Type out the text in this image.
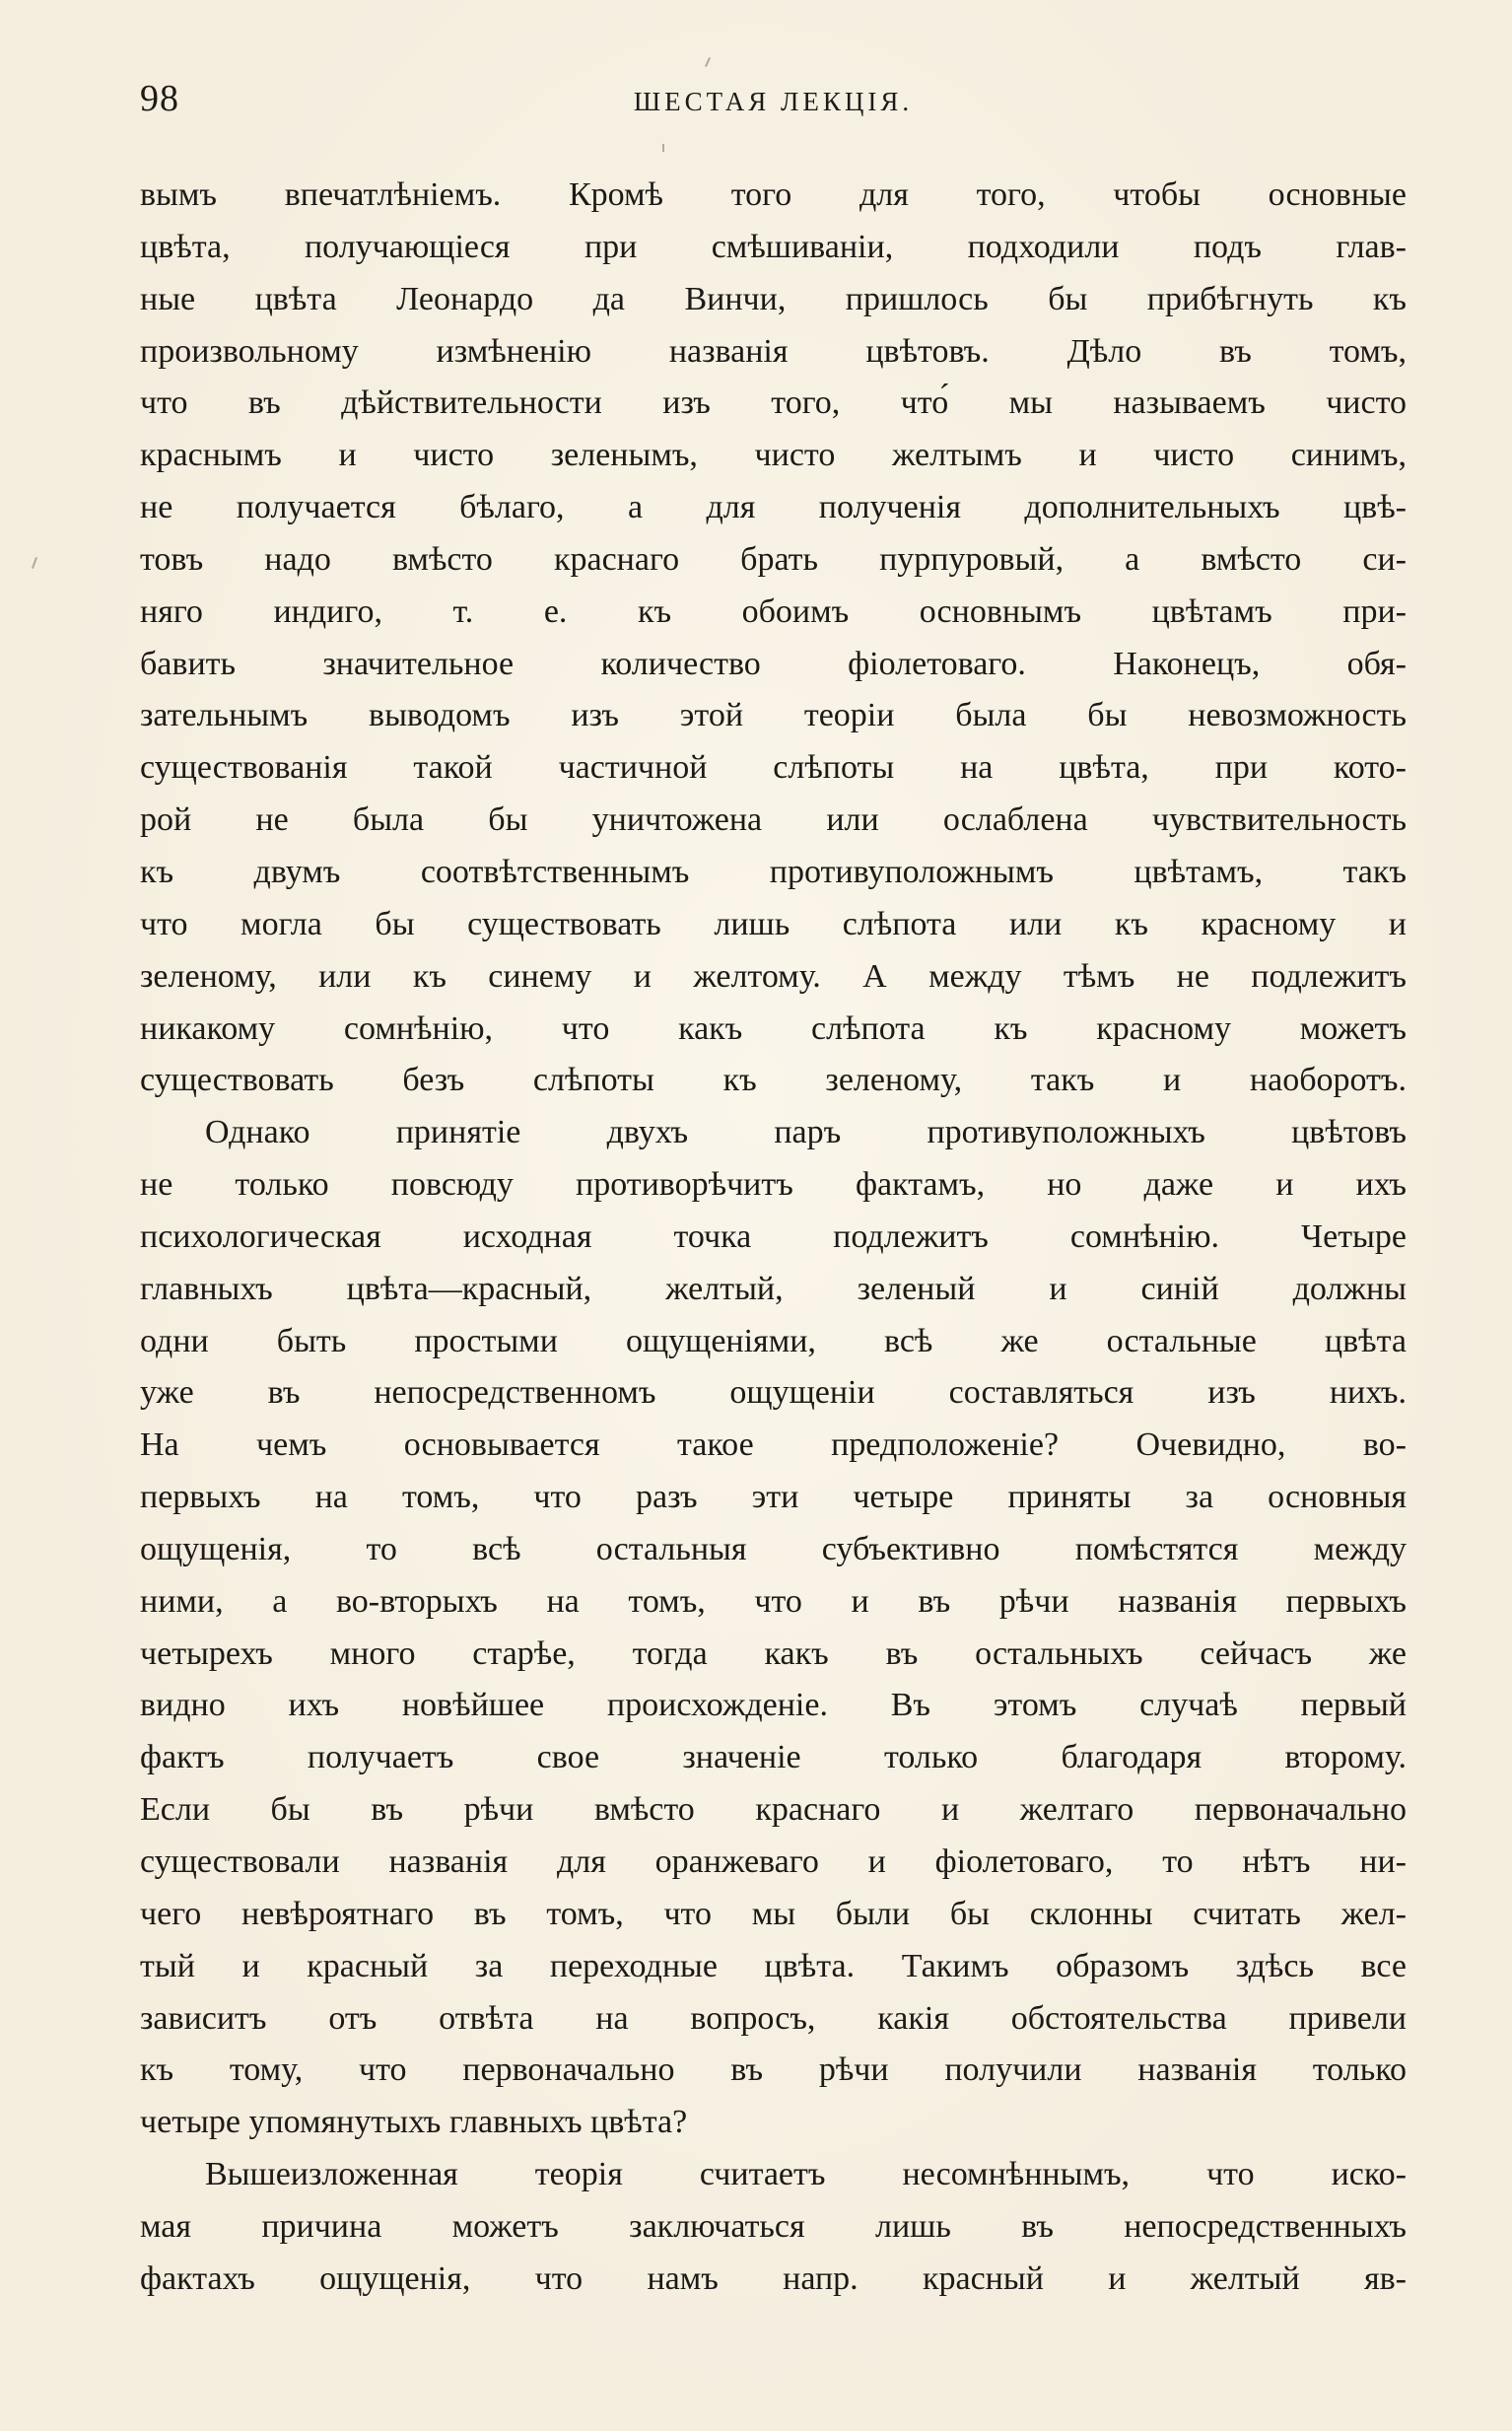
98	ШЕСТАЯ ЛЕКЦІЯ.
вымъ впечатлѣніемъ. Кромѣ того для того, чтобы основные
цвѣта, получающіеся при смѣшиваніи, подходили подъ глав-
ные цвѣта Леонардо да Винчи, пришлось бы прибѣгнуть къ
произвольному измѣненію названія цвѣтовъ. Дѣло въ томъ,
что въ дѣйствительности изъ того, что́ мы называемъ чисто
краснымъ и чисто зеленымъ, чисто желтымъ и чисто синимъ,
не получается бѣлаго, а для полученія дополнительныхъ цвѣ-
товъ надо вмѣсто краснаго брать пурпуровый, а вмѣсто си-
няго индиго, т. е. къ обоимъ основнымъ цвѣтамъ при-
бавить значительное количество фіолетоваго. Наконецъ, обя-
зательнымъ выводомъ изъ этой теоріи была бы невозможность
существованія такой частичной слѣпоты на цвѣта, при кото-
рой не была бы уничтожена или ослаблена чувствительность
къ двумъ соотвѣтственнымъ противуположнымъ цвѣтамъ, такъ
что могла бы существовать лишь слѣпота или къ красному и
зеленому, или къ синему и желтому. А между тѣмъ не подлежитъ
никакому сомнѣнію, что какъ слѣпота къ красному можетъ
существовать безъ слѣпоты къ зеленому, такъ и наоборотъ.
Однако принятіе двухъ паръ противуположныхъ цвѣтовъ
не только повсюду противорѣчитъ фактамъ, но даже и ихъ
психологическая исходная точка подлежитъ сомнѣнію. Четыре
главныхъ цвѣта—красный, желтый, зеленый и синій должны
одни быть простыми ощущеніями, всѣ же остальные цвѣта
уже въ непосредственномъ ощущеніи составляться изъ нихъ.
На чемъ основывается такое предположеніе? Очевидно, во-
первыхъ на томъ, что разъ эти четыре приняты за основныя
ощущенія, то всѣ остальныя субъективно помѣстятся между
ними, а во-вторыхъ на томъ, что и въ рѣчи названія первыхъ
четырехъ много старѣе, тогда какъ въ остальныхъ сейчасъ же
видно ихъ новѣйшее происхожденіе. Въ этомъ случаѣ первый
фактъ получаетъ свое значеніе только благодаря второму.
Если бы въ рѣчи вмѣсто краснаго и желтаго первоначально
существовали названія для оранжеваго и фіолетоваго, то нѣтъ ни-
чего невѣроятнаго въ томъ, что мы были бы склонны считать жел-
тый и красный за переходные цвѣта. Такимъ образомъ здѣсь все
зависитъ отъ отвѣта на вопросъ, какія обстоятельства привели
къ тому, что первоначально въ рѣчи получили названія только
четыре упомянутыхъ главныхъ цвѣта?
Вышеизложенная теорія считаетъ несомнѣннымъ, что иско-
мая причина можетъ заключаться лишь въ непосредственныхъ
фактахъ ощущенія, что намъ напр. красный и желтый яв-
